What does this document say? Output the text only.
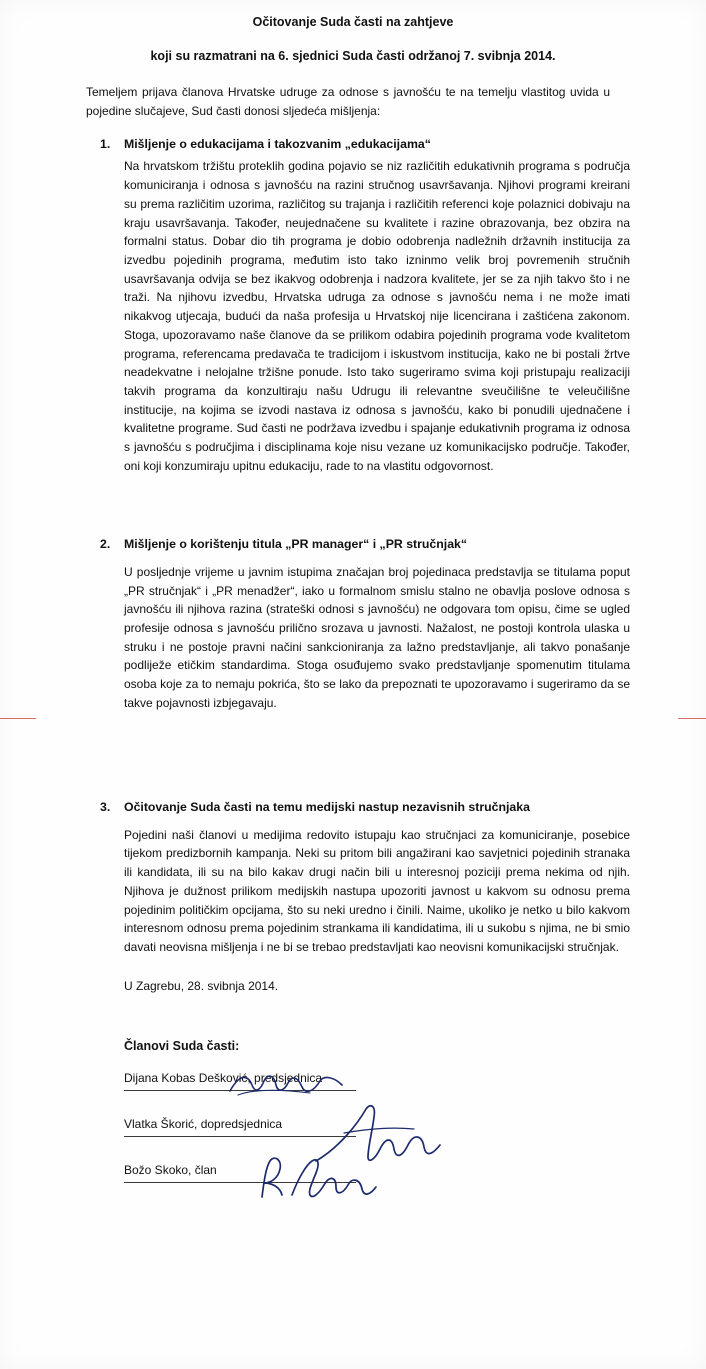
Očitovanje Suda časti na zahtjeve
koji su razmatrani na 6. sjednici Suda časti održanoj 7. svibnja 2014.
Temeljem prijava članova Hrvatske udruge za odnose s javnošću te na temelju vlastitog uvida u pojedine slučajeve, Sud časti donosi sljedeća mišljenja:
1.	Mišljenje o edukacijama i takozvanim „edukacijama“
Na hrvatskom tržištu proteklih godina pojavio se niz različitih edukativnih programa s područja komuniciranja i odnosa s javnošću na razini stručnog usavršavanja. Njihovi programi kreirani su prema različitim uzorima, različitog su trajanja i različitih referenci koje polaznici dobivaju na kraju usavršavanja. Također, neujednačene su kvalitete i razine obrazovanja, bez obzira na formalni status. Dobar dio tih programa je dobio odobrenja nadležnih državnih institucija za izvedbu pojedinih programa, međutim isto tako izninmo velik broj povremenih stručnih usavršavanja odvija se bez ikakvog odobrenja i nadzora kvalitete, jer se za njih takvo što i ne traži. Na njihovu izvedbu, Hrvatska udruga za odnose s javnošću nema i ne može imati nikakvog utjecaja, budući da naša profesija u Hrvatskoj nije licencirana i zaštićena zakonom. Stoga, upozoravamo naše članove da se prilikom odabira pojedinih programa vode kvalitetom programa, referencama predavača te tradicijom i iskustvom institucija, kako ne bi postali žrtve neadekvatne i nelojalne tržišne ponude. Isto tako sugeriramo svima koji pristupaju realizaciji takvih programa da konzultiraju našu Udrugu ili relevantne sveučilišne te veleučilišne institucije, na kojima se izvodi nastava iz odnosa s javnošću, kako bi ponudili ujednačene i kvalitetne programe. Sud časti ne podržava izvedbu i spajanje edukativnih programa iz odnosa s javnošću s područjima i disciplinama koje nisu vezane uz komunikacijsko područje. Također, oni koji konzumiraju upitnu edukaciju, rade to na vlastitu odgovornost.
2.	Mišljenje o korištenju titula „PR manager“ i „PR stručnjak“
U posljednje vrijeme u javnim istupima značajan broj pojedinaca predstavlja se titulama poput „PR stručnjak“ i „PR menadžer“, iako u formalnom smislu stalno ne obavlja poslove odnosa s javnošću ili njihova razina (strateški odnosi s javnošću) ne odgovara tom opisu, čime se ugled profesije odnosa s javnošću prilično srozava u javnosti. Nažalost, ne postoji kontrola ulaska u struku i ne postoje pravni načini sankcioniranja za lažno predstavljanje, ali takvo ponašanje podliježe etičkim standardima. Stoga osuđujemo svako predstavljanje spomenutim titulama osoba koje za to nemaju pokrića, što se lako da prepoznati te upozoravamo i sugeriramo da se takve pojavnosti izbjegavaju.
3.	Očitovanje Suda časti na temu medijski nastup nezavisnih stručnjaka
Pojedini naši članovi u medijima redovito istupaju kao stručnjaci za komuniciranje, posebice tijekom predizbornih kampanja. Neki su pritom bili angažirani kao savjetnici pojedinih stranaka ili kandidata, ili su na bilo kakav drugi način bili u interesnoj poziciji prema nekima od njih. Njihova je dužnost prilikom medijskih nastupa upozoriti javnost u kakvom su odnosu prema pojedinim političkim opcijama, što su neki uredno i činili. Naime, ukoliko je netko u bilo kakvom interesnom odnosu prema pojedinim strankama ili kandidatima, ili u sukobu s njima, ne bi smio davati neovisna mišljenja i ne bi se trebao predstavljati kao neovisni komunikacijski stručnjak.
U Zagrebu, 28. svibnja 2014.
Članovi Suda časti:
Dijana Kobas Dešković, predsjednica
Vlatka Škorić, dopredsjednica
Božo Skoko, član
